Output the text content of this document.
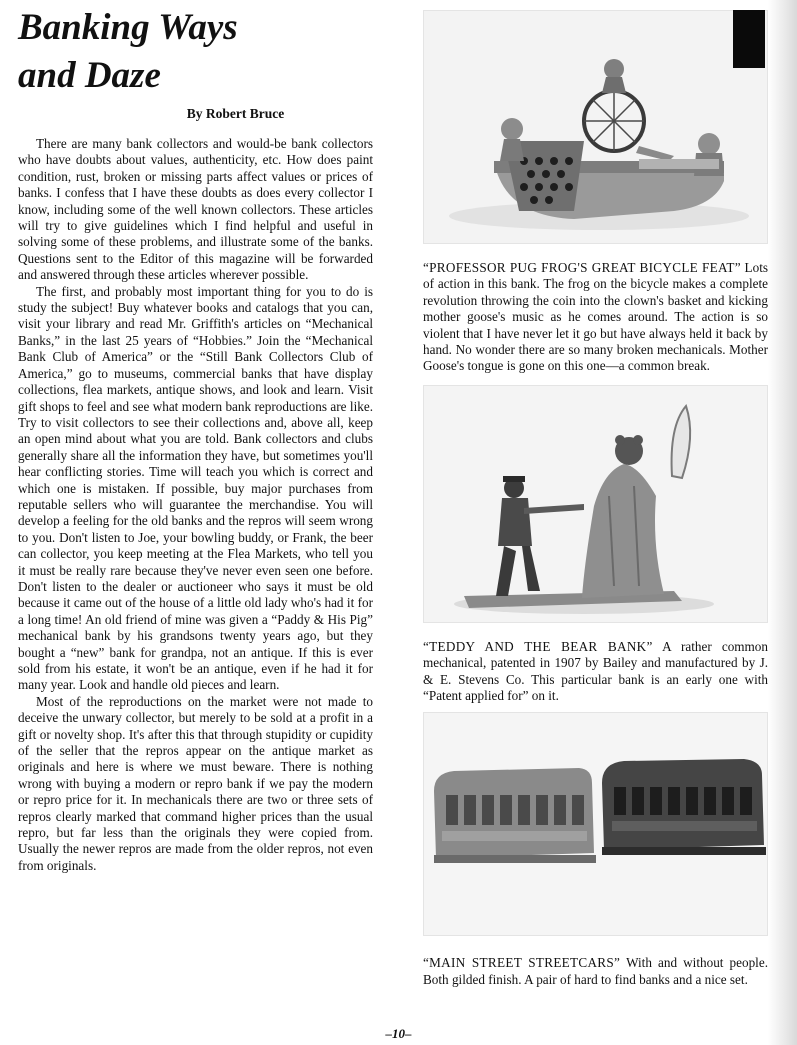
Banking Ways
and Daze
By Robert Bruce

There are many bank collectors and would-be bank collectors who have doubts about values, authenticity, etc. How does paint condition, rust, broken or missing parts affect values or prices of banks. I confess that I have these doubts as does every collector I know, including some of the well known collectors. These articles will try to give guidelines which I find helpful and useful in solving some of these problems, and illustrate some of the banks. Questions sent to the Editor of this magazine will be forwarded and answered through these articles wherever possible.

The first, and probably most important thing for you to do is study the subject! Buy whatever books and catalogs that you can, visit your library and read Mr. Griffith's articles on “Mechanical Banks,” in the last 25 years of “Hobbies.” Join the “Mechanical Bank Club of America” or the “Still Bank Collectors Club of America,” go to museums, commercial banks that have display collections, flea markets, antique shows, and look and learn. Visit gift shops to feel and see what modern bank reproductions are like. Try to visit collectors to see their collections and, above all, keep an open mind about what you are told. Bank collectors and clubs generally share all the information they have, but sometimes you'll hear conflicting stories. Time will teach you which is correct and which one is mistaken. If possible, buy major purchases from reputable sellers who will guarantee the merchandise. You will develop a feeling for the old banks and the repros will seem wrong to you. Don't listen to Joe, your bowling buddy, or Frank, the beer can collector, you keep meeting at the Flea Markets, who tell you it must be really rare because they've never even seen one before. Don't listen to the dealer or auctioneer who says it must be old because it came out of the house of a little old lady who's had it for a long time! An old friend of mine was given a “Paddy & His Pig” mechanical bank by his grandsons twenty years ago, but they bought a “new” bank for grandpa, not an antique. If this is ever sold from his estate, it won't be an antique, even if he had it for many year. Look and handle old pieces and learn.

Most of the reproductions on the market were not made to deceive the unwary collector, but merely to be sold at a profit in a gift or novelty shop. It's after this that through stupidity or cupidity of the seller that the repros appear on the antique market as originals and here is where we must beware. There is nothing wrong with buying a modern or repro bank if we pay the modern or repro price for it. In mechanicals there are two or three sets of repros clearly marked that command higher prices than the usual repro, but far less than the originals they were copied from. Usually the newer repros are made from the older repros, not even from originals.

“PROFESSOR PUG FROG'S GREAT BICYCLE FEAT” Lots of action in this bank. The frog on the bicycle makes a complete revolution throwing the coin into the clown's basket and kicking mother goose's music as he comes around. The action is so violent that I have never let it go but have always held it back by hand. No wonder there are so many broken mechanicals. Mother Goose's tongue is gone on this one—a common break.

“TEDDY AND THE BEAR BANK” A rather common mechanical, patented in 1907 by Bailey and manufactured by J. & E. Stevens Co. This particular bank is an early one with “Patent applied for” on it.

“MAIN STREET STREETCARS” With and without people. Both gilded finish. A pair of hard to find banks and a nice set.

–10–
